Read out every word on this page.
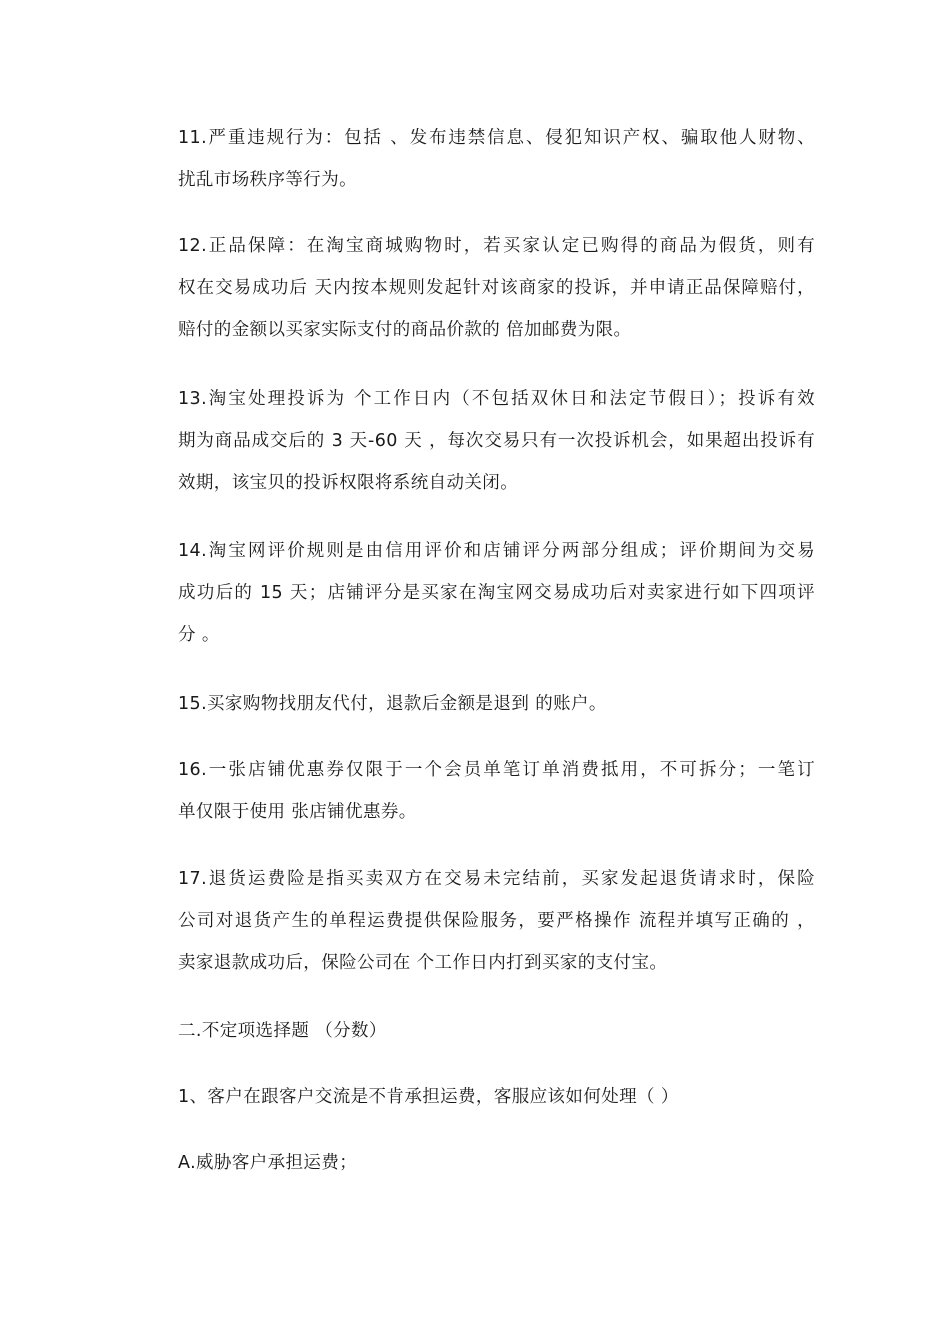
11.严重违规行为：包括 、发布违禁信息、侵犯知识产权、骗取他人财物、
扰乱市场秩序等行为。

12.正品保障：在淘宝商城购物时，若买家认定已购得的商品为假货，则有
权在交易成功后 天内按本规则发起针对该商家的投诉，并申请正品保障赔付，
赔付的金额以买家实际支付的商品价款的 倍加邮费为限。

13.淘宝处理投诉为 个工作日内（不包括双休日和法定节假日）；投诉有效
期为商品成交后的 3 天-60 天 ，每次交易只有一次投诉机会，如果超出投诉有
效期，该宝贝的投诉权限将系统自动关闭。

14.淘宝网评价规则是由信用评价和店铺评分两部分组成；评价期间为交易
成功后的 15 天；店铺评分是买家在淘宝网交易成功后对卖家进行如下四项评
分 。

15.买家购物找朋友代付，退款后金额是退到 的账户。

16.一张店铺优惠券仅限于一个会员单笔订单消费抵用，不可拆分；一笔订
单仅限于使用 张店铺优惠券。

17.退货运费险是指买卖双方在交易未完结前，买家发起退货请求时，保险
公司对退货产生的单程运费提供保险服务，要严格操作 流程并填写正确的 ，
卖家退款成功后，保险公司在 个工作日内打到买家的支付宝。

二.不定项选择题 （分数）

1、客户在跟客户交流是不肯承担运费，客服应该如何处理（ ）

A.威胁客户承担运费；
